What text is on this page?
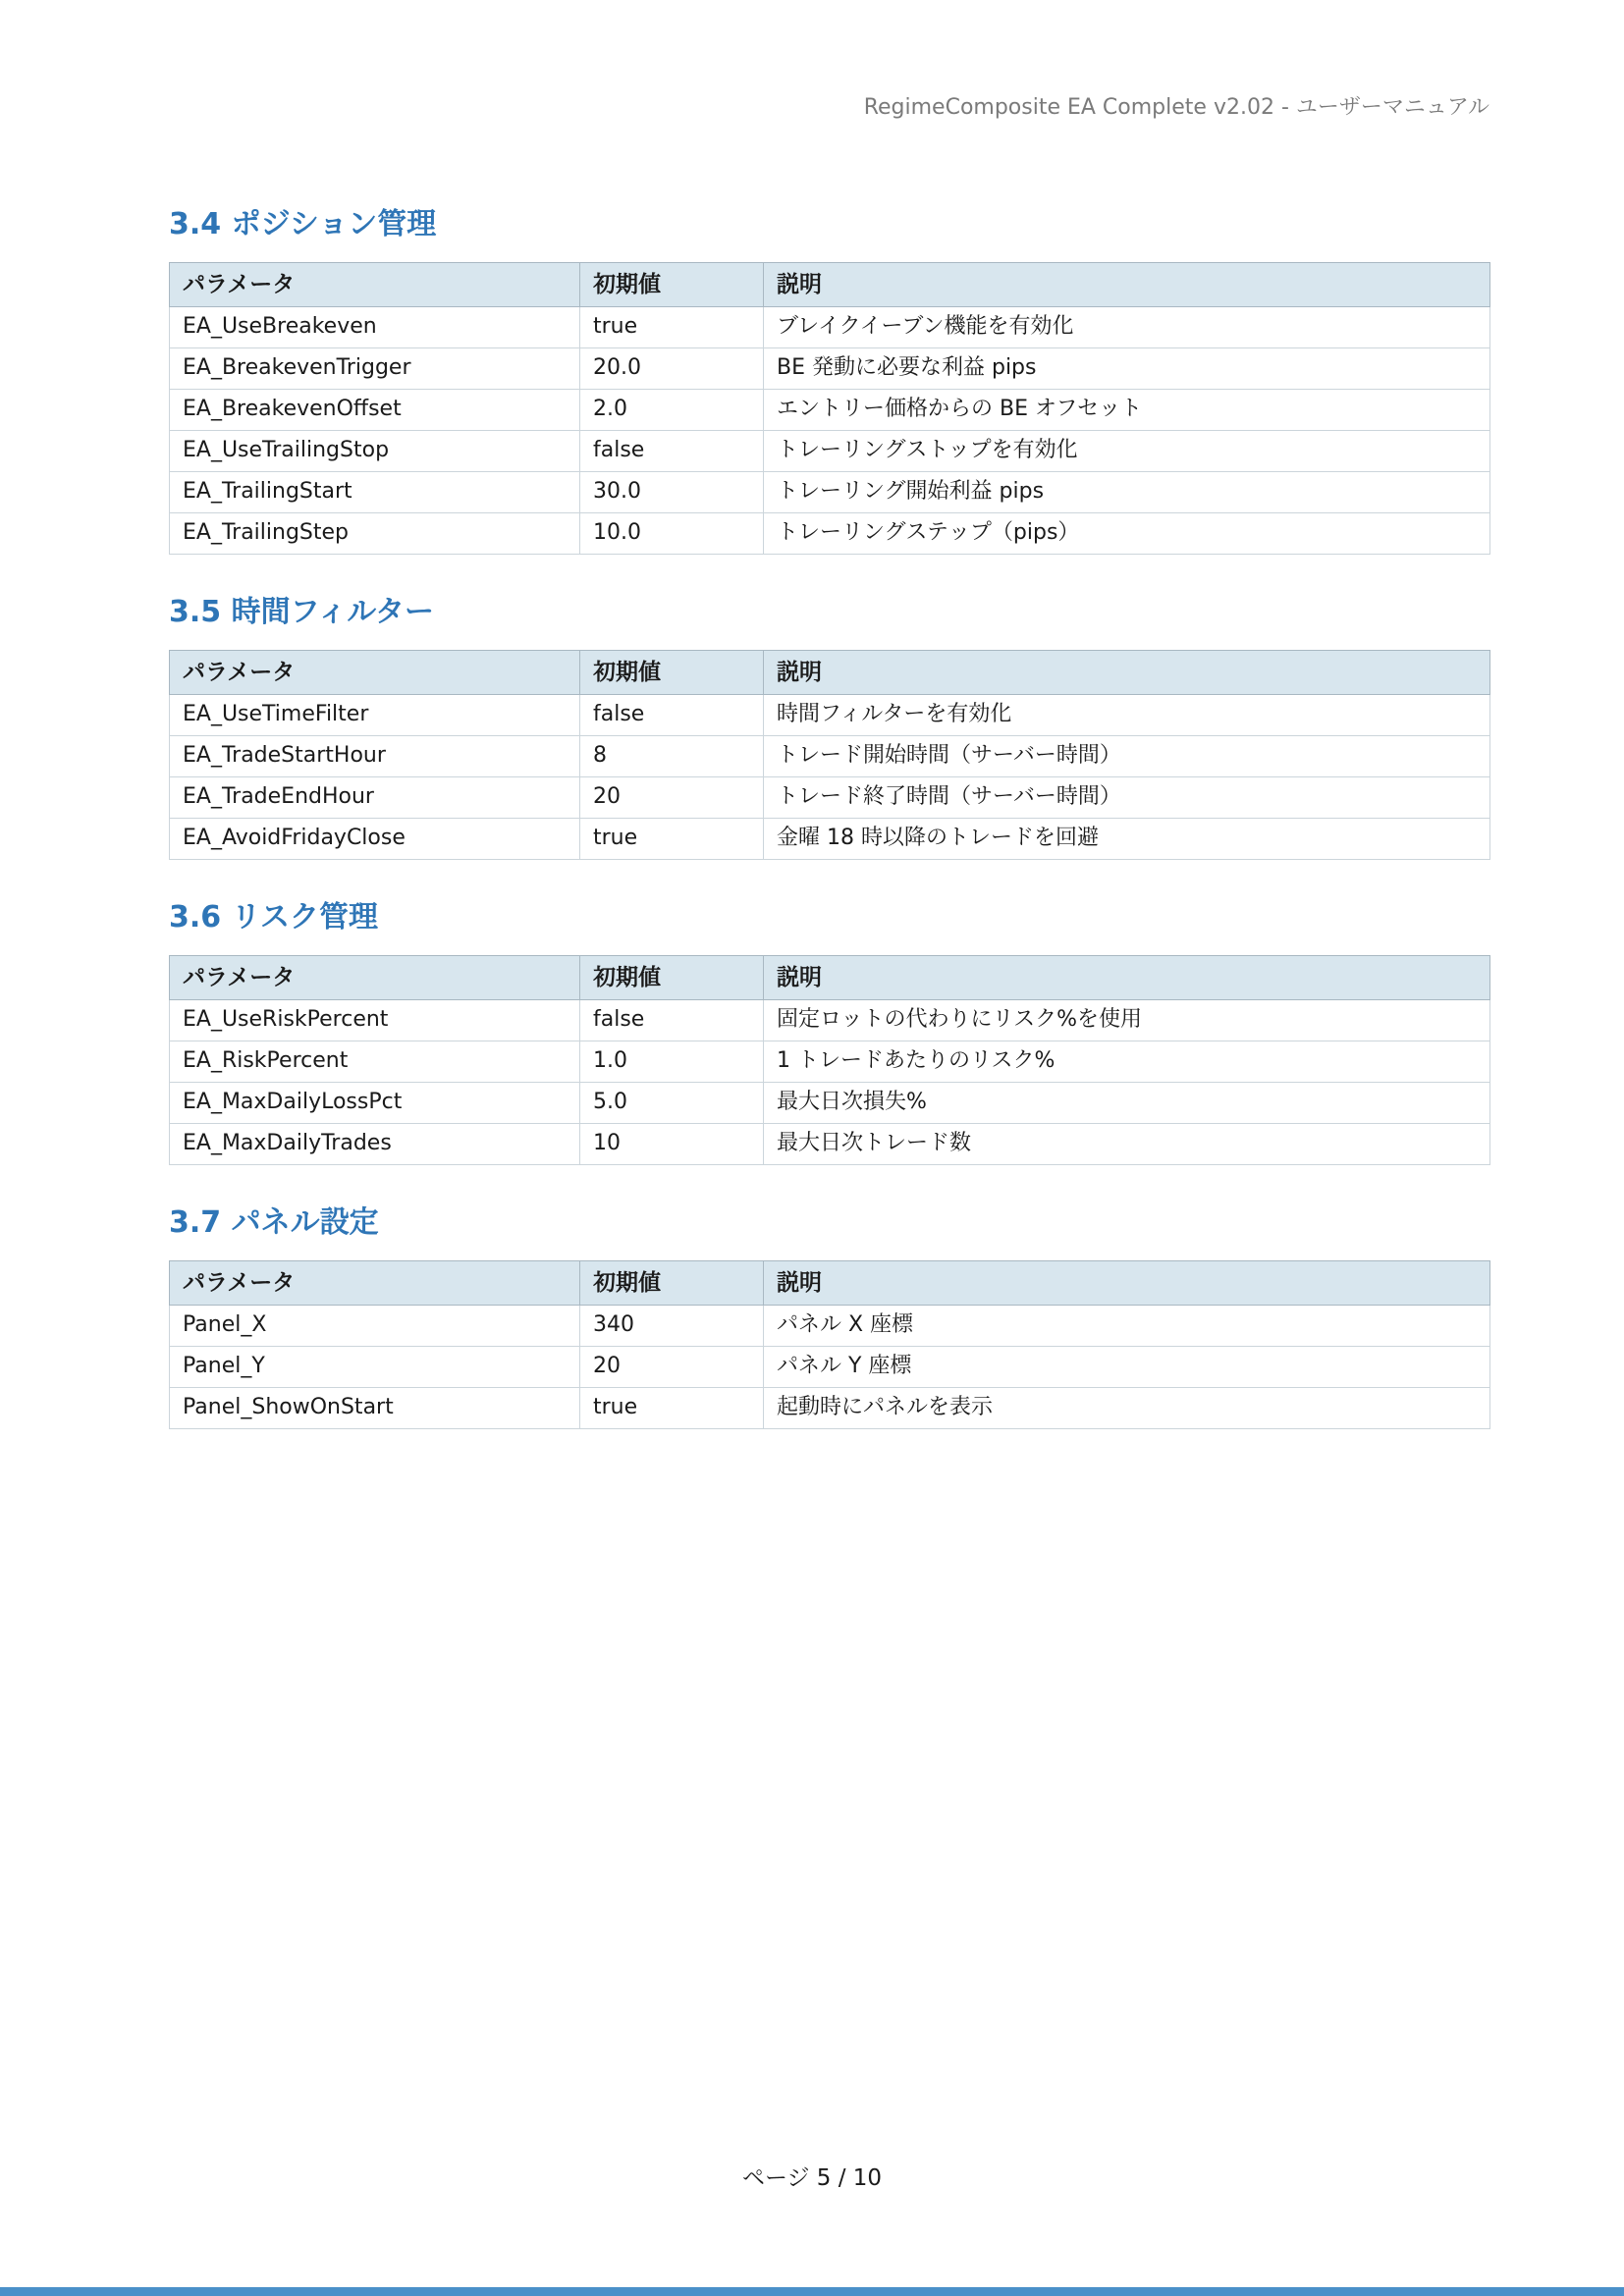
RegimeComposite EA Complete v2.02 - ユーザーマニュアル
3.4 ポジション管理
パラメータ	初期値	説明
EA_UseBreakeven	true	ブレイクイーブン機能を有効化
EA_BreakevenTrigger	20.0	BE 発動に必要な利益 pips
EA_BreakevenOffset	2.0	エントリー価格からの BE オフセット
EA_UseTrailingStop	false	トレーリングストップを有効化
EA_TrailingStart	30.0	トレーリング開始利益 pips
EA_TrailingStep	10.0	トレーリングステップ（pips）
3.5 時間フィルター
パラメータ	初期値	説明
EA_UseTimeFilter	false	時間フィルターを有効化
EA_TradeStartHour	8	トレード開始時間（サーバー時間）
EA_TradeEndHour	20	トレード終了時間（サーバー時間）
EA_AvoidFridayClose	true	金曜 18 時以降のトレードを回避
3.6 リスク管理
パラメータ	初期値	説明
EA_UseRiskPercent	false	固定ロットの代わりにリスク%を使用
EA_RiskPercent	1.0	1 トレードあたりのリスク%
EA_MaxDailyLossPct	5.0	最大日次損失%
EA_MaxDailyTrades	10	最大日次トレード数
3.7 パネル設定
パラメータ	初期値	説明
Panel_X	340	パネル X 座標
Panel_Y	20	パネル Y 座標
Panel_ShowOnStart	true	起動時にパネルを表示
ページ 5 / 10
